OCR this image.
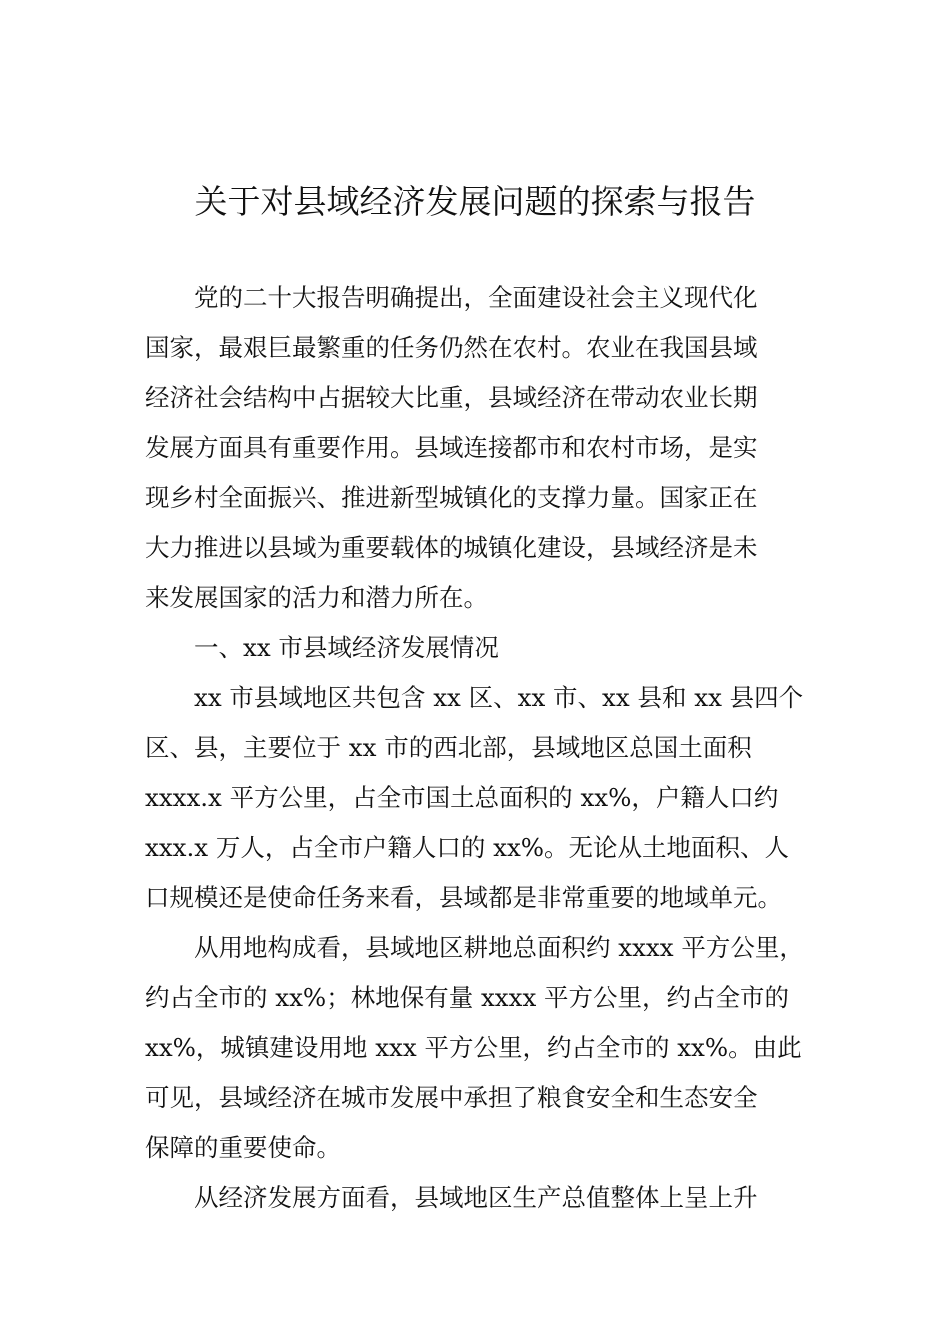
关于对县域经济发展问题的探索与报告
　　党的二十大报告明确提出，全面建设社会主义现代化
国家，最艰巨最繁重的任务仍然在农村。农业在我国县域
经济社会结构中占据较大比重，县域经济在带动农业长期
发展方面具有重要作用。县域连接都市和农村市场，是实
现乡村全面振兴、推进新型城镇化的支撑力量。国家正在
大力推进以县域为重要载体的城镇化建设，县域经济是未
来发展国家的活力和潜力所在。
　　一、xx 市县域经济发展情况
　　xx 市县域地区共包含 xx 区、xx 市、xx 县和 xx 县四个
区、县，主要位于 xx 市的西北部，县域地区总国土面积
xxxx.x 平方公里，占全市国土总面积的 xx%，户籍人口约
xxx.x 万人，占全市户籍人口的 xx%。无论从土地面积、人
口规模还是使命任务来看，县域都是非常重要的地域单元。
　　从用地构成看，县域地区耕地总面积约 xxxx 平方公里，
约占全市的 xx%；林地保有量 xxxx 平方公里，约占全市的
xx%，城镇建设用地 xxx 平方公里，约占全市的 xx%。由此
可见，县域经济在城市发展中承担了粮食安全和生态安全
保障的重要使命。
　　从经济发展方面看，县域地区生产总值整体上呈上升
